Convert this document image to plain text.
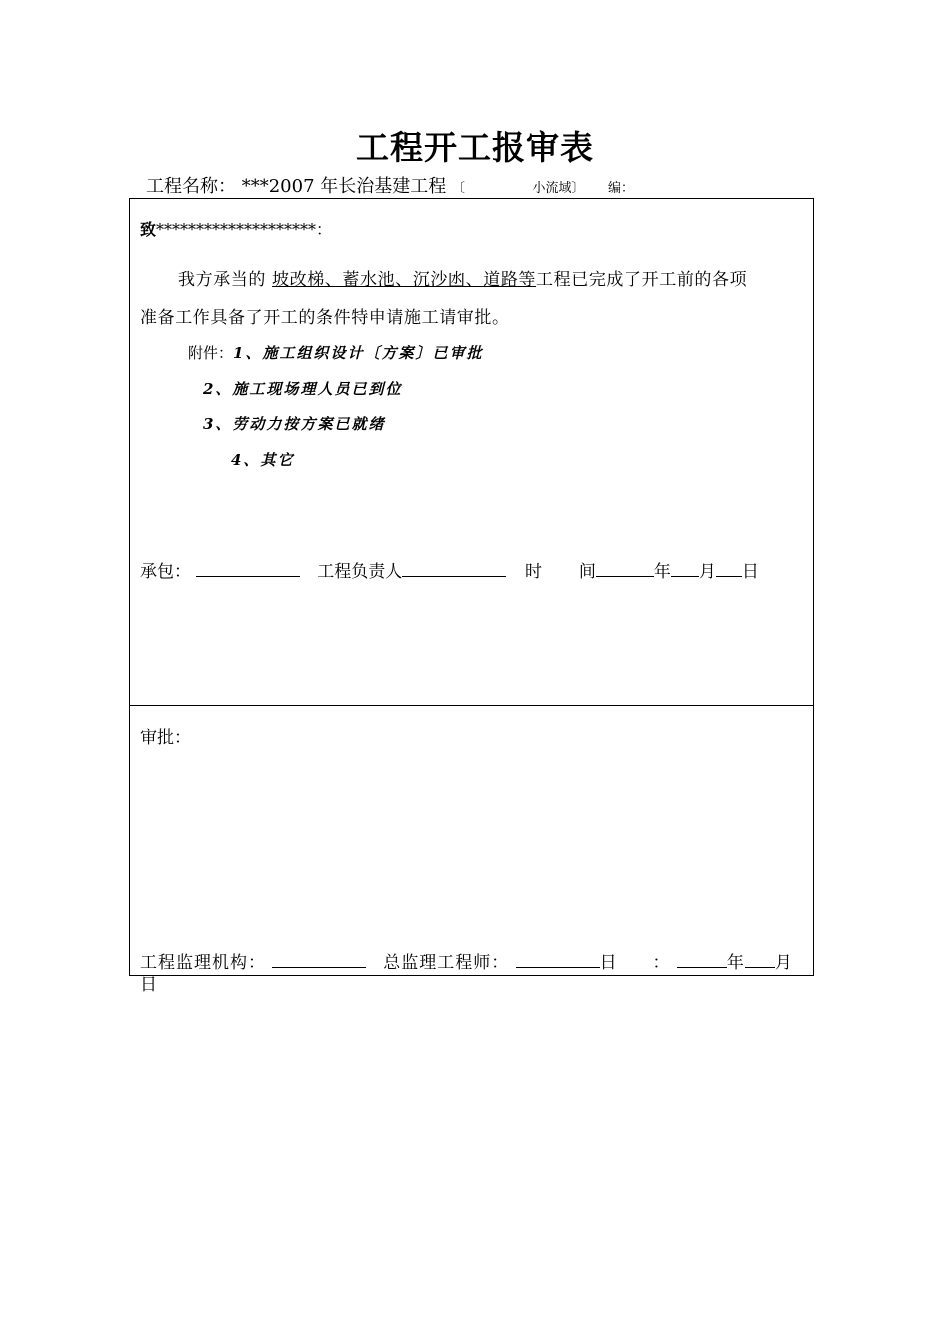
工程开工报审表
工程名称： ***2007 年长治基建工程 〔	小流域〕 编：
致********************：
我方承当的 坡改梯、蓄水池、沉沙凼、道路等工程已完成了开工前的各项
准备工作具备了开工的条件特申请施工请审批。
附件：1、施工组织设计〔方案〕已审批
2、施工现场理人员已到位
3、劳动力按方案已就绪
4、其它
承包：	工程负责人	时 间	年 月 日
审批：
工程监理机构：	总监理工程师：	日 ：	年 月
日
